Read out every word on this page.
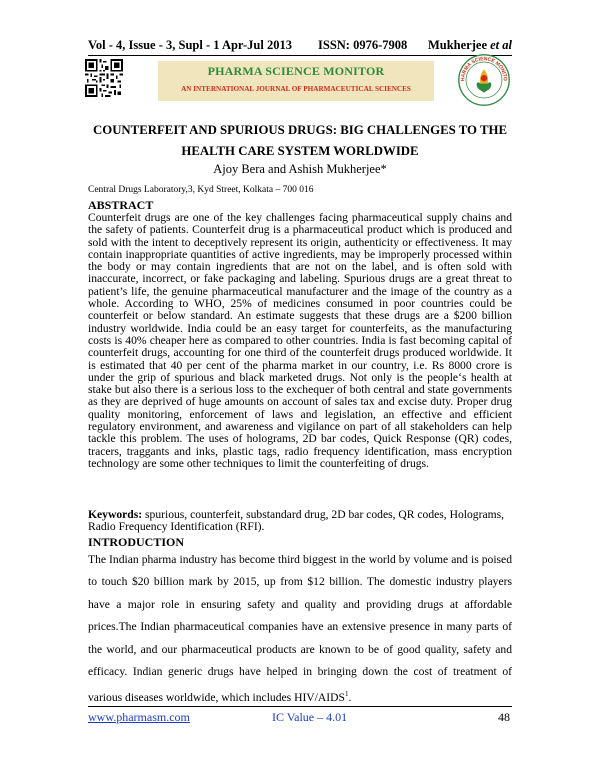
Vol - 4, Issue - 3, Supl - 1 Apr-Jul 2013 ISSN: 0976-7908 Mukherjee et al
PHARMA SCIENCE MONITOR
AN INTERNATIONAL JOURNAL OF PHARMACEUTICAL SCIENCES
HARMA SCIENCE MONITO
COUNTERFEIT AND SPURIOUS DRUGS: BIG CHALLENGES TO THE
HEALTH CARE SYSTEM WORLDWIDE
Ajoy Bera and Ashish Mukherjee*
Central Drugs Laboratory,3, Kyd Street, Kolkata – 700 016
ABSTRACT
Counterfeit drugs are one of the key challenges facing pharmaceutical supply chains and the safety of patients. Counterfeit drug is a pharmaceutical product which is produced and sold with the intent to deceptively represent its origin, authenticity or effectiveness. It may contain inappropriate quantities of active ingredients, may be improperly processed within the body or may contain ingredients that are not on the label, and is often sold with inaccurate, incorrect, or fake packaging and labeling. Spurious drugs are a great threat to patient’s life, the genuine pharmaceutical manufacturer and the image of the country as a whole. According to WHO, 25% of medicines consumed in poor countries could be counterfeit or below standard. An estimate suggests that these drugs are a $200 billion industry worldwide. India could be an easy target for counterfeits, as the manufacturing costs is 40% cheaper here as compared to other countries. India is fast becoming capital of counterfeit drugs, accounting for one third of the counterfeit drugs produced worldwide. It is estimated that 40 per cent of the pharma market in our country, i.e. Rs 8000 crore is under the grip of spurious and black marketed drugs. Not only is the people‘s health at stake but also there is a serious loss to the exchequer of both central and state governments as they are deprived of huge amounts on account of sales tax and excise duty. Proper drug quality monitoring, enforcement of laws and legislation, an effective and efficient regulatory environment, and awareness and vigilance on part of all stakeholders can help tackle this problem. The uses of holograms, 2D bar codes, Quick Response (QR) codes, tracers, traggants and inks, plastic tags, radio frequency identification, mass encryption technology are some other techniques to limit the counterfeiting of drugs.
Keywords: spurious, counterfeit, substandard drug, 2D bar codes, QR codes, Holograms, Radio Frequency Identification (RFI).
INTRODUCTION
The Indian pharma industry has become third biggest in the world by volume and is poised to touch $20 billion mark by 2015, up from $12 billion. The domestic industry players have a major role in ensuring safety and quality and providing drugs at affordable prices.The Indian pharmaceutical companies have an extensive presence in many parts of the world, and our pharmaceutical products are known to be of good quality, safety and efficacy. Indian generic drugs have helped in bringing down the cost of treatment of various diseases worldwide, which includes HIV/AIDS$^1$.
www.pharmasm.com	IC Value – 4.01	48
